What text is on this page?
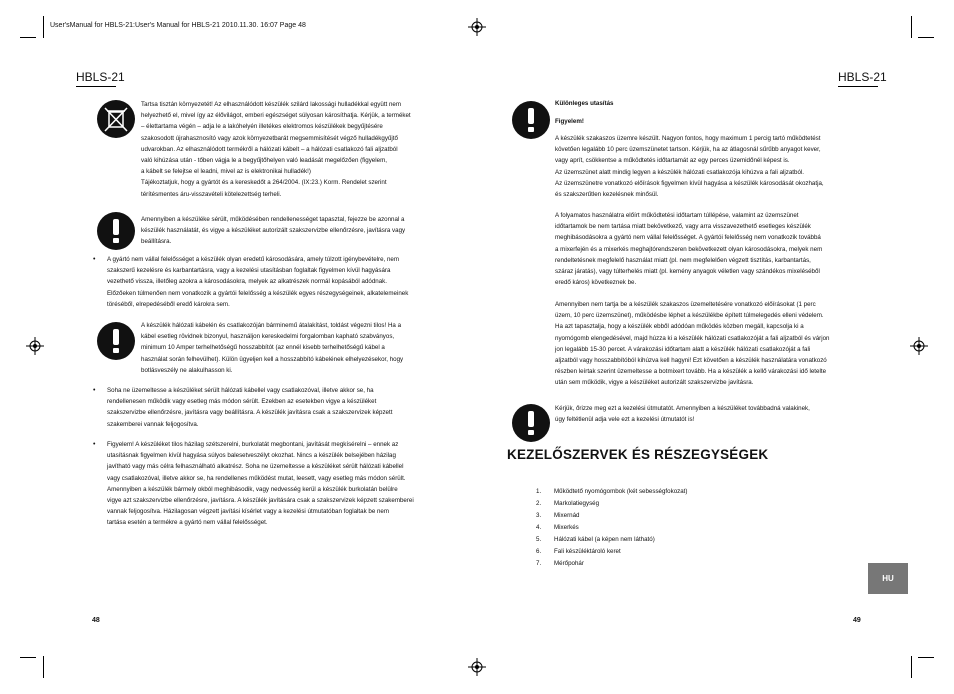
User'sManual for HBLS-21:User's Manual for HBLS-21 2010.11.30. 16:07 Page 48
HBLS-21	HBLS-21
Tartsa tisztán környezetét! Az elhasználódott készülék szilárd lakossági hulladékkal együtt nem
helyezhető el, mivel így az élővilágot, emberi egészséget súlyosan károsíthatja. Kérjük, a terméket
– élettartama végén – adja le a lakóhelyén illetékes elektromos készülékek begyűjtésére
szakosodott újrahasznosító vagy azok környezetbarát megsemmisítését végző hulladékgyűjtő
udvarokban. Az elhasználódott termékről a hálózati kábelt – a hálózati csatlakozó fali aljzatból
való kihúzása után - tőben vágja le a begyűjtőhelyen való leadását megelőzően (figyelem,
a kábelt se felejtse el leadni, mivel az is elektronikai hulladék!)
Tájékoztatjuk, hogy a gyártót és a kereskedőt a 264/2004. (IX:23.) Korm. Rendelet szerint
térítésmentes áru-visszavételi kötelezettség terheli.
Amennyiben a készüléke sérült, működésében rendellenességet tapasztal, fejezze be azonnal a
készülék használatát, és vigye a készüléket autorizált szakszervizbe ellenőrzésre, javításra vagy
beállításra.
• A gyártó nem vállal felelősséget a készülék olyan eredetű károsodására, amely túlzott igénybevételre, nem
szakszerű kezelésre és karbantartásra, vagy a kezelési utasításban foglaltak figyelmen kívül hagyására
vezethető vissza, illetőleg azokra a károsodásokra, melyek az alkatrészek normál kopásából adódnak.
Előzőeken túlmenően nem vonatkozik a gyártói felelősség a készülék egyes részegységeinek, alkatelemeinek
töréséből, elrepedéséből eredő károkra sem.
A készülék hálózati kábelén és csatlakozóján bárminemű átalakítást, toldást végezni tilos! Ha a
kábel esetleg rövidnek bizonyul, használjon kereskedelmi forgalomban kapható szabványos,
minimum 10 Amper terhelhetőségű hosszabbítót (az ennél kisebb terhelhetőségű kábel a
használat során felhevülhet). Külön ügyeljen kell a hosszabbító kábelének elhelyezésekor, hogy
botlásveszély ne alakulhasson ki.
• Soha ne üzemeltesse a készüléket sérült hálózati kábellel vagy csatlakozóval, illetve akkor se, ha
rendellenesen működik vagy esetleg más módon sérült. Ezekben az esetekben vigye a készüléket
szakszervizbe ellenőrzésre, javításra vagy beállításra. A készülék javításra csak a szakszervizek képzett
szakemberei vannak feljogosítva.
• Figyelem! A készüléket tilos házilag szétszerelni, burkolatát megbontani, javítását megkísérelni – ennek az
utasításnak figyelmen kívül hagyása súlyos balesetveszélyt okozhat. Nincs a készülék belsejében házilag
javítható vagy más célra felhasználható alkatrész. Soha ne üzemeltesse a készüléket sérült hálózati kábellel
vagy csatlakozóval, illetve akkor se, ha rendellenes működést mutat, leesett, vagy esetleg más módon sérült.
Amennyiben a készülék bármely okból meghibásodik, vagy nedvesség kerül a készülék burkolatán belülre
vigye azt szakszervizbe ellenőrzésre, javításra. A készülék javítására csak a szakszervizek képzett szakemberei
vannak feljogosítva. Házilagosan végzett javítási kísérlet vagy a kezelési útmutatóban foglaltak be nem
tartása esetén a termékre a gyártó nem vállal felelősséget.
48
Különleges utasítás
Figyelem!
A készülék szakaszos üzemre készült. Nagyon fontos, hogy maximum 1 percig tartó működtetést
követően legalább 10 perc üzemszünetet tartson. Kérjük, ha az átlagosnál sűrűbb anyagot kever,
vagy aprít, csökkentse a működtetés időtartamát az egy perces üzemidőnél képest is.
Az üzemszünet alatt mindig legyen a készülék hálózati csatlakozója kihúzva a fali aljzatból.
Az üzemszünetre vonatkozó előírások figyelmen kívül hagyása a készülék károsodását okozhatja,
és szakszerűtlen kezelésnek minősül.
A folyamatos használatra előírt működtetési időtartam túllépése, valamint az üzemszünet
időtartamok be nem tartása miatt bekövetkező, vagy arra visszavezethető esetleges készülék
meghibásodásokra a gyártó nem vállal felelősséget. A gyártói felelősség nem vonatkozik továbbá
a mixerfején és a mixerkés meghajtórendszeren bekövetkezett olyan károsodásokra, melyek nem
rendeltetésnek megfelelő használat miatt (pl. nem megfelelően végzett tisztítás, karbantartás,
száraz járatás), vagy túlterhelés miatt (pl. kemény anyagok véletlen vagy szándékos mixeléséből
eredő káros) következnek be.
Amennyiben nem tartja be a készülék szakaszos üzemeltetésére vonatkozó előírásokat (1 perc
üzem, 10 perc üzemszünet), működésbe léphet a készülékbe épített túlmelegedés elleni védelem.
Ha azt tapasztalja, hogy a készülék ebből adódóan működés közben megáll, kapcsolja ki a
nyomógomb elengedésével, majd húzza ki a készülék hálózati csatlakozóját a fali aljzatból és várjon
jon legalább 15-30 percet. A várakozási időtartam alatt a készülék hálózati csatlakozóját a fali
aljzatból vagy hosszabbítóból kihúzva kell hagyni! Ezt követően a készülék használatára vonatkozó
részben leírtak szerint üzemeltesse a botmixert tovább. Ha a készülék a kellő várakozási idő letelte
után sem működik, vigye a készüléket autorizált szakszervizbe javításra.
Kérjük, őrizze meg ezt a kezelési útmutatót. Amennyiben a készüléket továbbadná valakinek,
úgy feltétlenül adja vele ezt a kezelési útmutatót is!
KEZELŐSZERVEK ÉS RÉSZEGYSÉGEK
1. Működtető nyomógombok (két sebességfokozat)
2. Markolatiegység
3. Mixernád
4. Mixerkés
5. Hálózati kábel (a képen nem látható)
6. Fali készüléktároló keret
7. Mérőpohár
HU
49
